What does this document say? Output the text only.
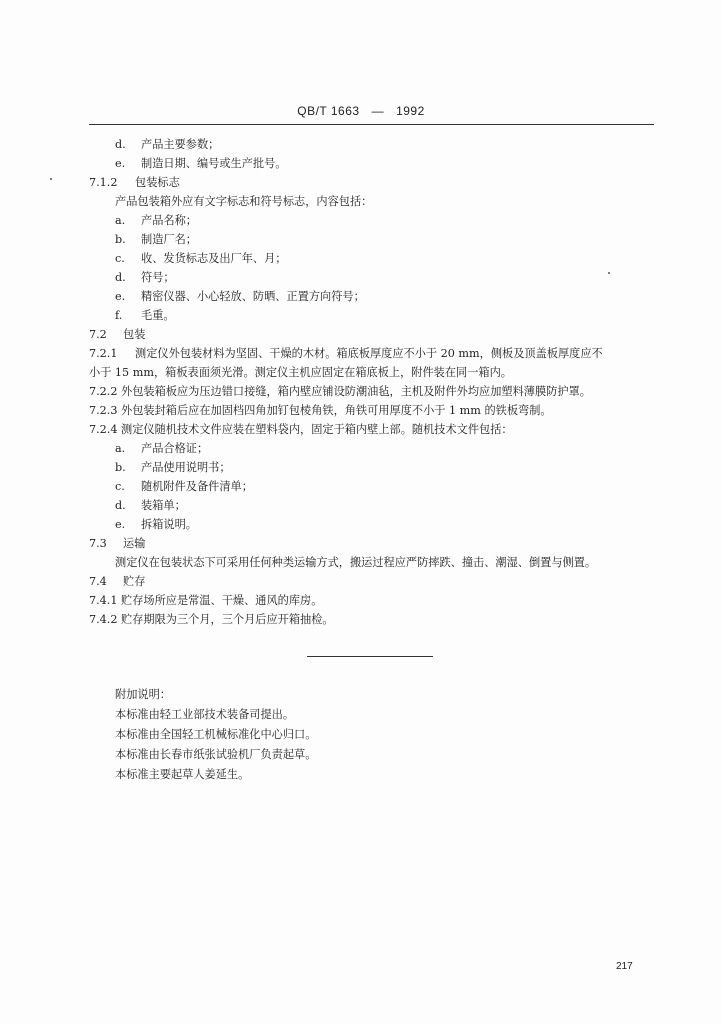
QB/T 1663 — 1992
d. 产品主要参数；
e. 制造日期、编号或生产批号。
7.1.2 包装标志
产品包装箱外应有文字标志和符号标志，内容包括：
a. 产品名称；
b. 制造厂名；
c. 收、发货标志及出厂年、月；
d. 符号；
e. 精密仪器、小心轻放、防晒、正置方向符号；
f. 毛重。
7.2 包装
7.2.1 测定仪外包装材料为坚固、干燥的木材。箱底板厚度应不小于 20 mm，侧板及顶盖板厚度应不
小于 15 mm，箱板表面须光滑。测定仪主机应固定在箱底板上，附件装在同一箱内。
7.2.2 外包装箱板应为压边错口接缝，箱内壁应铺设防潮油毡，主机及附件外均应加塑料薄膜防护罩。
7.2.3 外包装封箱后应在加固档四角加钉包棱角铁，角铁可用厚度不小于 1 mm 的铁板弯制。
7.2.4 测定仪随机技术文件应装在塑料袋内，固定于箱内壁上部。随机技术文件包括：
a. 产品合格证；
b. 产品使用说明书；
c. 随机附件及备件清单；
d. 装箱单；
e. 拆箱说明。
7.3 运输
测定仪在包装状态下可采用任何种类运输方式，搬运过程应严防摔跌、撞击、潮湿、倒置与侧置。
7.4 贮存
7.4.1 贮存场所应是常温、干燥、通风的库房。
7.4.2 贮存期限为三个月，三个月后应开箱抽检。
附加说明：
本标准由轻工业部技术装备司提出。
本标准由全国轻工机械标准化中心归口。
本标准由长春市纸张试验机厂负责起草。
本标准主要起草人姜延生。
217
